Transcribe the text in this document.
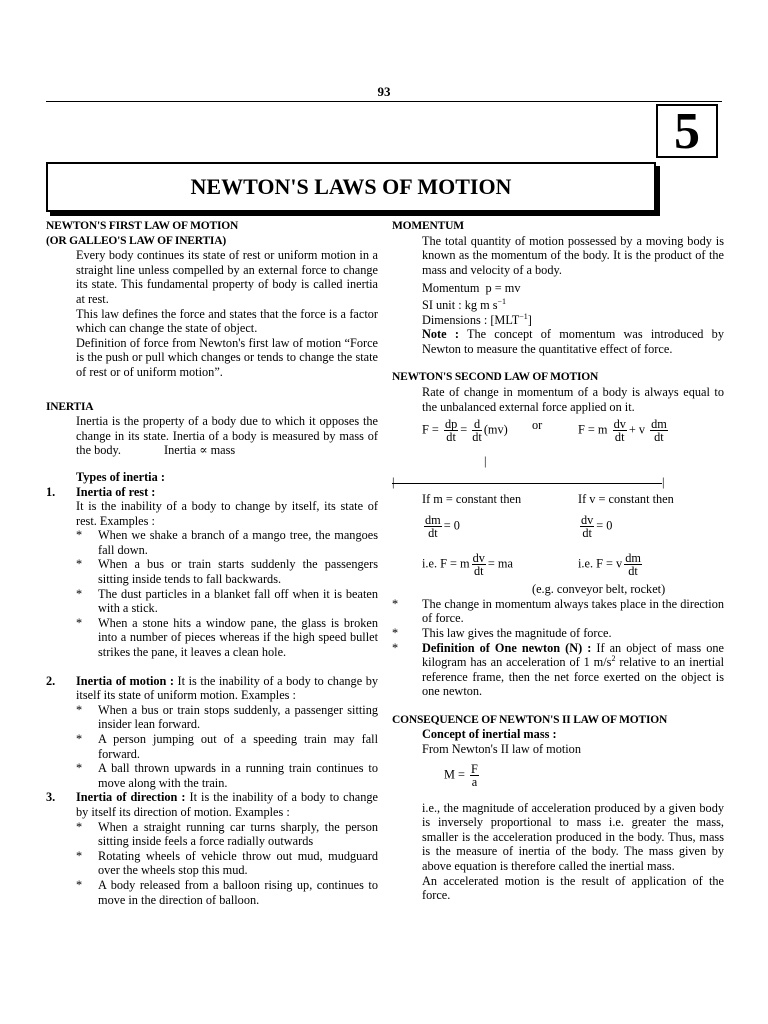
93
5
NEWTON'S LAWS OF MOTION
NEWTON'S FIRST LAW OF MOTION
(OR GALLEO'S LAW OF INERTIA)
Every body continues its state of rest or uniform motion in a straight line unless compelled by an external force to change its state. This fundamental property of body is called inertia at rest.
This law defines the force and states that the force is a factor which can change the state of object.
Definition of force from Newton's first law of motion “Force is the push or pull which changes or tends to change the state of rest or of uniform motion”.
INERTIA
Inertia is the property of a body due to which it opposes the change in its state. Inertia of a body is measured by mass of the body.	Inertia ∝ mass
Types of inertia :
1.	Inertia of rest :
It is the inability of a body to change by itself, its state of rest. Examples :
*	When we shake a branch of a mango tree, the mangoes fall down.
*	When a bus or train starts suddenly the passengers sitting inside tends to fall backwards.
*	The dust particles in a blanket fall off when it is beaten with a stick.
*	When a stone hits a window pane, the glass is broken into a number of pieces whereas if the high speed bullet strikes the pane, it leaves a clean hole.
2.	Inertia of motion : It is the inability of a body to change by itself its state of uniform motion. Examples :
*	When a bus or train stops suddenly, a passenger sitting insider lean forward.
*	A person jumping out of a speeding train may fall forward.
*	A ball thrown upwards in a running train continues to move along with the train.
3.	Inertia of direction : It is the inability of a body to change by itself its direction of motion. Examples :
*	When a straight running car turns sharply, the person sitting inside feels a force radially outwards
*	Rotating wheels of vehicle throw out mud, mudguard over the wheels stop this mud.
*	A body released from a balloon rising up, continues to move in the direction of balloon.
MOMENTUM
The total quantity of motion possessed by a moving body is known as the momentum of the body. It is the product of the mass and velocity of a body.
Momentum p = mv
SI unit : kg m $s^{-1}$
Dimensions : $[MLT^{-1}]$
Note : The concept of momentum was introduced by Newton to measure the quantitative effect of force.
NEWTON'S SECOND LAW OF MOTION
Rate of change in momentum of a body is always equal to the unbalanced external force applied on it.
$F = \frac{dp}{dt} = \frac{d}{dt} (mv)$ or	F = m $\frac{dv}{dt} + v \frac{dm}{dt}$
|
|	|
If m = constant then	If v = constant then
$\frac{dm}{dt} = 0$	$\frac{dv}{dt} = 0$
i.e. F = m $\frac{dv}{dt}$ = ma	i.e. F = v $\frac{dm}{dt}$
(e.g. conveyor belt, rocket)
*	The change in momentum always takes place in the direction of force.
*	This law gives the magnitude of force.
*	Definition of One newton (N) : If an object of mass one kilogram has an acceleration of 1 $m/s^2$ relative to an inertial reference frame, then the net force exerted on the object is one newton.
CONSEQUENCE OF NEWTON'S II LAW OF MOTION
Concept of inertial mass :
From Newton's II law of motion
$M = \frac{F}{a}$
i.e., the magnitude of acceleration produced by a given body is inversely proportional to mass i.e. greater the mass, smaller is the acceleration produced in the body. Thus, mass is the measure of inertia of the body. The mass given by above equation is therefore called the inertial mass.
An accelerated motion is the result of application of the force.
